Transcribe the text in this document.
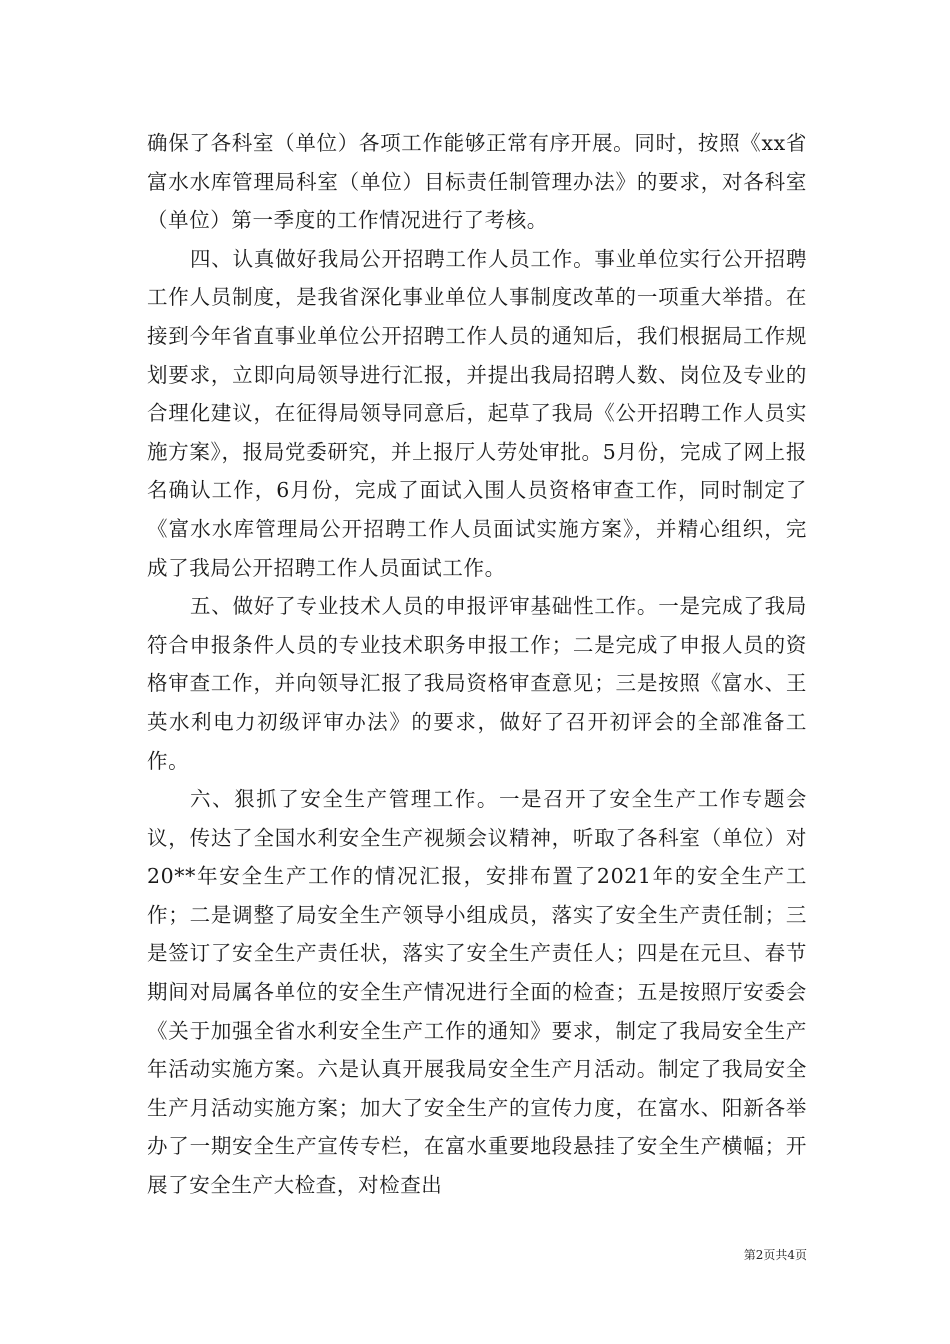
确保了各科室（单位）各项工作能够正常有序开展。同时，按照《xx省富水水库管理局科室（单位）目标责任制管理办法》的要求，对各科室（单位）第一季度的工作情况进行了考核。

四、认真做好我局公开招聘工作人员工作。事业单位实行公开招聘工作人员制度，是我省深化事业单位人事制度改革的一项重大举措。在接到今年省直事业单位公开招聘工作人员的通知后，我们根据局工作规划要求，立即向局领导进行汇报，并提出我局招聘人数、岗位及专业的合理化建议，在征得局领导同意后，起草了我局《公开招聘工作人员实施方案》，报局党委研究，并上报厅人劳处审批。5月份，完成了网上报名确认工作，6月份，完成了面试入围人员资格审查工作，同时制定了《富水水库管理局公开招聘工作人员面试实施方案》，并精心组织，完成了我局公开招聘工作人员面试工作。

五、做好了专业技术人员的申报评审基础性工作。一是完成了我局符合申报条件人员的专业技术职务申报工作；二是完成了申报人员的资格审查工作，并向领导汇报了我局资格审查意见；三是按照《富水、王英水利电力初级评审办法》的要求，做好了召开初评会的全部准备工作。

六、狠抓了安全生产管理工作。一是召开了安全生产工作专题会议，传达了全国水利安全生产视频会议精神，听取了各科室（单位）对20**年安全生产工作的情况汇报，安排布置了2021年的安全生产工作；二是调整了局安全生产领导小组成员，落实了安全生产责任制；三是签订了安全生产责任状，落实了安全生产责任人；四是在元旦、春节期间对局属各单位的安全生产情况进行全面的检查；五是按照厅安委会《关于加强全省水利安全生产工作的通知》要求，制定了我局安全生产年活动实施方案。六是认真开展我局安全生产月活动。制定了我局安全生产月活动实施方案；加大了安全生产的宣传力度，在富水、阳新各举办了一期安全生产宣传专栏，在富水重要地段悬挂了安全生产横幅；开展了安全生产大检查，对检查出

第2页共4页
